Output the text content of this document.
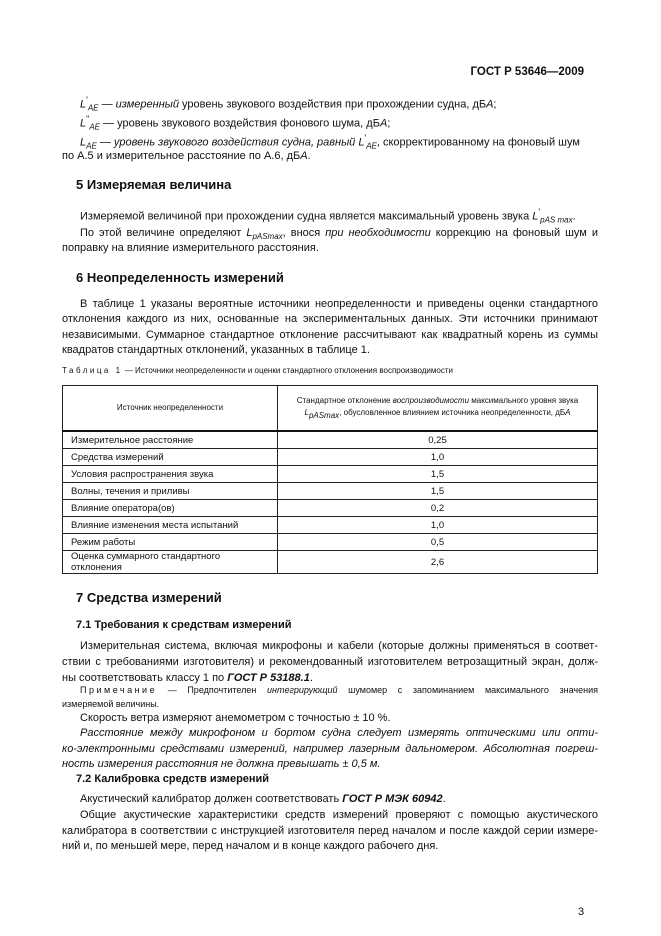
ГОСТ Р 53646—2009
$L'_{AE}$ — измеренный уровень звукового воздействия при прохождении судна, дБА;
$L^"_{AE}$ — уровень звукового воздействия фонового шума, дБА;
$L_{AE}$ — уровень звукового воздействия судна, равный $L'_{AE}$, скорректированному на фоновый шум
по А.5 и измерительное расстояние по А.6, дБА.
5 Измеряемая величина
Измеряемой величиной при прохождении судна является максимальный уровень звука $L'_{pAS max}$.
По этой величине определяют $L_{pASmax}$, внося при необходимости коррекцию на фоновый шум и
поправку на влияние измерительного расстояния.
6 Неопределенность измерений
В таблице 1 указаны вероятные источники неопределенности и приведены оценки стандартного
отклонения каждого из них, основанные на экспериментальных данных. Эти источники принимают
независимыми. Суммарное стандартное отклонение рассчитывают как квадратный корень из суммы
квадратов стандартных отклонений, указанных в таблице 1.
Таблица 1 — Источники неопределенности и оценки стандартного отклонения воспроизводимости
Источник неопределенности	Стандартное отклонение воспроизводимости максимального уровня звука $L_{pASmax}$, обусловленное влиянием источника неопределенности, дБА
Измерительное расстояние	0,25
Средства измерений	1,0
Условия распространения звука	1,5
Волны, течения и приливы	1,5
Влияние оператора(ов)	0,2
Влияние изменения места испытаний	1,0
Режим работы	0,5
Оценка суммарного стандартного отклонения	2,6
7 Средства измерений
7.1 Требования к средствам измерений
Измерительная система, включая микрофоны и кабели (которые должны применяться в соответ-
ствии с требованиями изготовителя) и рекомендованный изготовителем ветрозащитный экран, долж-
ны соответствовать классу 1 по ГОСТ Р 53188.1.
Примечание — Предпочтителен интегрирующий шумомер с запоминанием максимального значения
измеряемой величины.
Скорость ветра измеряют анемометром с точностью ± 10 %.
Расстояние между микрофоном и бортом судна следует измерять оптическими или опти-
ко-электронными средствами измерений, например лазерным дальномером. Абсолютная погреш-
ность измерения расстояния не должна превышать ± 0,5 м.
7.2 Калибровка средств измерений
Акустический калибратор должен соответствовать ГОСТ Р МЭК 60942.
Общие акустические характеристики средств измерений проверяют с помощью акустического
калибратора в соответствии с инструкцией изготовителя перед началом и после каждой серии измере-
ний и, по меньшей мере, перед началом и в конце каждого рабочего дня.
3
